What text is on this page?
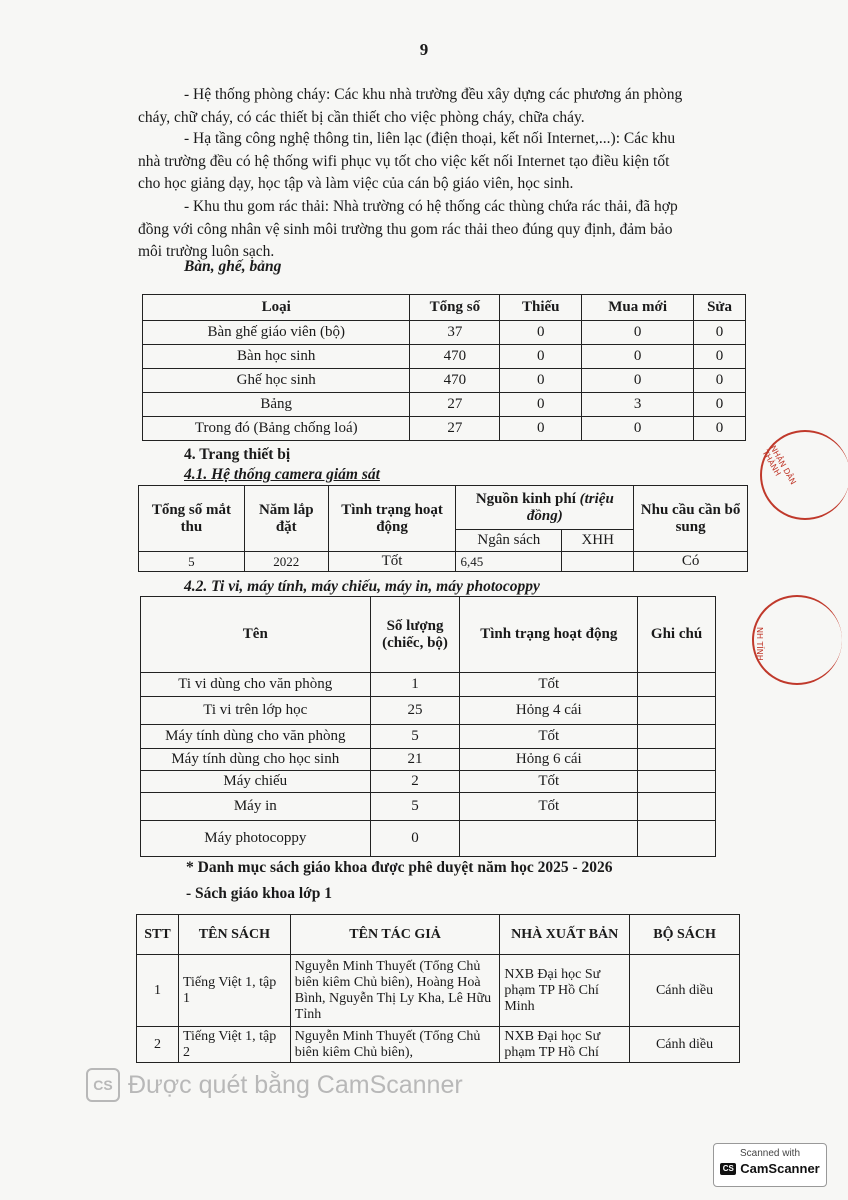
9
- Hệ thống phòng cháy: Các khu nhà trường đều xây dựng các phương án phòng
cháy, chữ cháy, có các thiết bị cần thiết cho việc phòng cháy, chữa cháy.
- Hạ tầng công nghệ thông tin, liên lạc (điện thoại, kết nối Internet,...): Các khu
nhà trường đều có hệ thống wifi phục vụ tốt cho việc kết nối Internet tạo điều kiện tốt
cho học giảng dạy, học tập và làm việc của cán bộ giáo viên, học sinh.
- Khu thu gom rác thải: Nhà trường có hệ thống các thùng chứa rác thải, đã hợp
đồng với công nhân vệ sinh môi trường thu gom rác thải theo đúng quy định, đảm bảo
môi trường luôn sạch.
Bàn, ghế, bảng
Loại	Tổng số	Thiếu	Mua mới	Sửa
Bàn ghế giáo viên (bộ)	37	0	0	0
Bàn học sinh	470	0	0	0
Ghế học sinh	470	0	0	0
Bảng	27	0	3	0
Trong đó (Bảng chống loá)	27	0	0	0
4. Trang thiết bị
4.1. Hệ thống camera giám sát
Tổng số mắt thu	Năm lắp đặt	Tình trạng hoạt động	Nguồn kinh phí (triệu đồng)		Nhu cầu cần bổ sung
			Ngân sách	XHH	
5	2022	Tốt	6,45		Có
4.2. Ti vi, máy tính, máy chiếu, máy in, máy photocoppy
Tên	Số lượng (chiếc, bộ)	Tình trạng hoạt động	Ghi chú
Ti vi dùng cho văn phòng	1	Tốt	
Ti vi trên lớp học	25	Hỏng 4 cái	
Máy tính dùng cho văn phòng	5	Tốt	
Máy tính dùng cho học sinh	21	Hỏng 6 cái	
Máy chiếu	2	Tốt	
Máy in	5	Tốt	
Máy photocoppy	0		
* Danh mục sách giáo khoa được phê duyệt năm học 2025 - 2026
- Sách giáo khoa lớp 1
STT	TÊN SÁCH	TÊN TÁC GIẢ	NHÀ XUẤT BẢN	BỘ SÁCH
1	Tiếng Việt 1, tập 1	Nguyễn Minh Thuyết (Tổng Chủ biên kiêm Chủ biên), Hoàng Hoà Bình, Nguyễn Thị Ly Kha, Lê Hữu Tỉnh	NXB Đại học Sư phạm TP Hồ Chí Minh	Cánh diều
2	Tiếng Việt 1, tập 2	Nguyễn Minh Thuyết (Tổng Chủ biên kiêm Chủ biên),	NXB Đại học Sư phạm TP Hồ Chí	Cánh diều
NHÂN DÂN THÀNH
NH TỈNH
CS Được quét bằng CamScanner
Scanned with
CS CamScanner
